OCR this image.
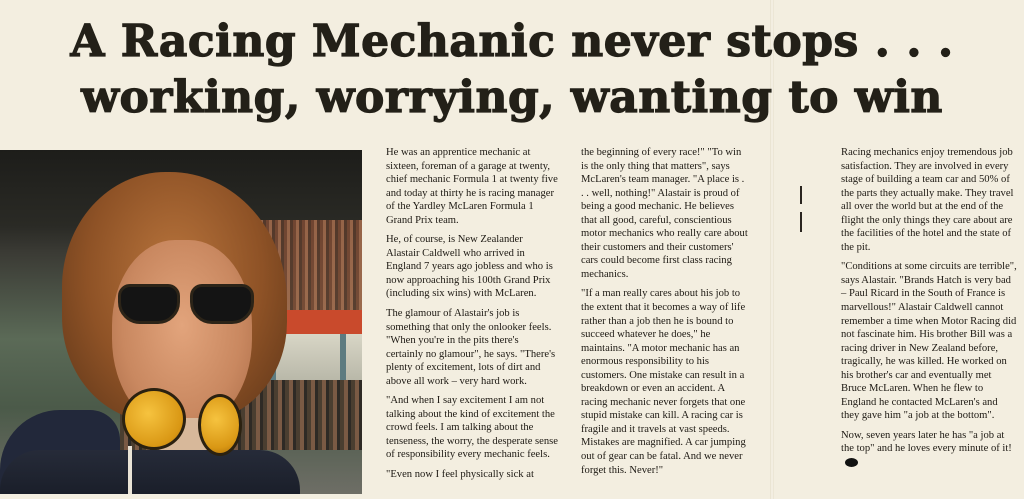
A Racing Mechanic never stops . . .
working, worrying, wanting to win

He was an apprentice mechanic at sixteen, foreman of a garage at twenty, chief mechanic Formula 1 at twenty five and today at thirty he is racing manager of the Yardley McLaren Formula 1 Grand Prix team.

He, of course, is New Zealander Alastair Caldwell who arrived in England 7 years ago jobless and who is now approaching his 100th Grand Prix (including six wins) with McLaren.

The glamour of Alastair's job is something that only the onlooker feels. "When you're in the pits there's certainly no glamour", he says. "There's plenty of excitement, lots of dirt and above all work – very hard work.

"And when I say excitement I am not talking about the kind of excitement the crowd feels. I am talking about the tenseness, the worry, the desperate sense of responsibility every mechanic feels.

"Even now I feel physically sick at

the beginning of every race!" "To win is the only thing that matters", says McLaren's team manager. "A place is . . . well, nothing!" Alastair is proud of being a good mechanic. He believes that all good, careful, conscientious motor mechanics who really care about their customers and their customers' cars could become first class racing mechanics.

"If a man really cares about his job to the extent that it becomes a way of life rather than a job then he is bound to succeed whatever he does," he maintains. "A motor mechanic has an enormous responsibility to his customers. One mistake can result in a breakdown or even an accident. A racing mechanic never forgets that one stupid mistake can kill. A racing car is fragile and it travels at vast speeds. Mistakes are magnified. A car jumping out of gear can be fatal. And we never forget this. Never!"

Racing mechanics enjoy tremendous job satisfaction. They are involved in every stage of building a team car and 50% of the parts they actually make. They travel all over the world but at the end of the flight the only things they care about are the facilities of the hotel and the state of the pit.

"Conditions at some circuits are terrible", says Alastair. "Brands Hatch is very bad – Paul Ricard in the South of France is marvellous!" Alastair Caldwell cannot remember a time when Motor Racing did not fascinate him. His brother Bill was a racing driver in New Zealand before, tragically, he was killed. He worked on his brother's car and eventually met Bruce McLaren. When he flew to England he contacted McLaren's and they gave him "a job at the bottom".

Now, seven years later he has "a job at the top" and he loves every minute of it!
